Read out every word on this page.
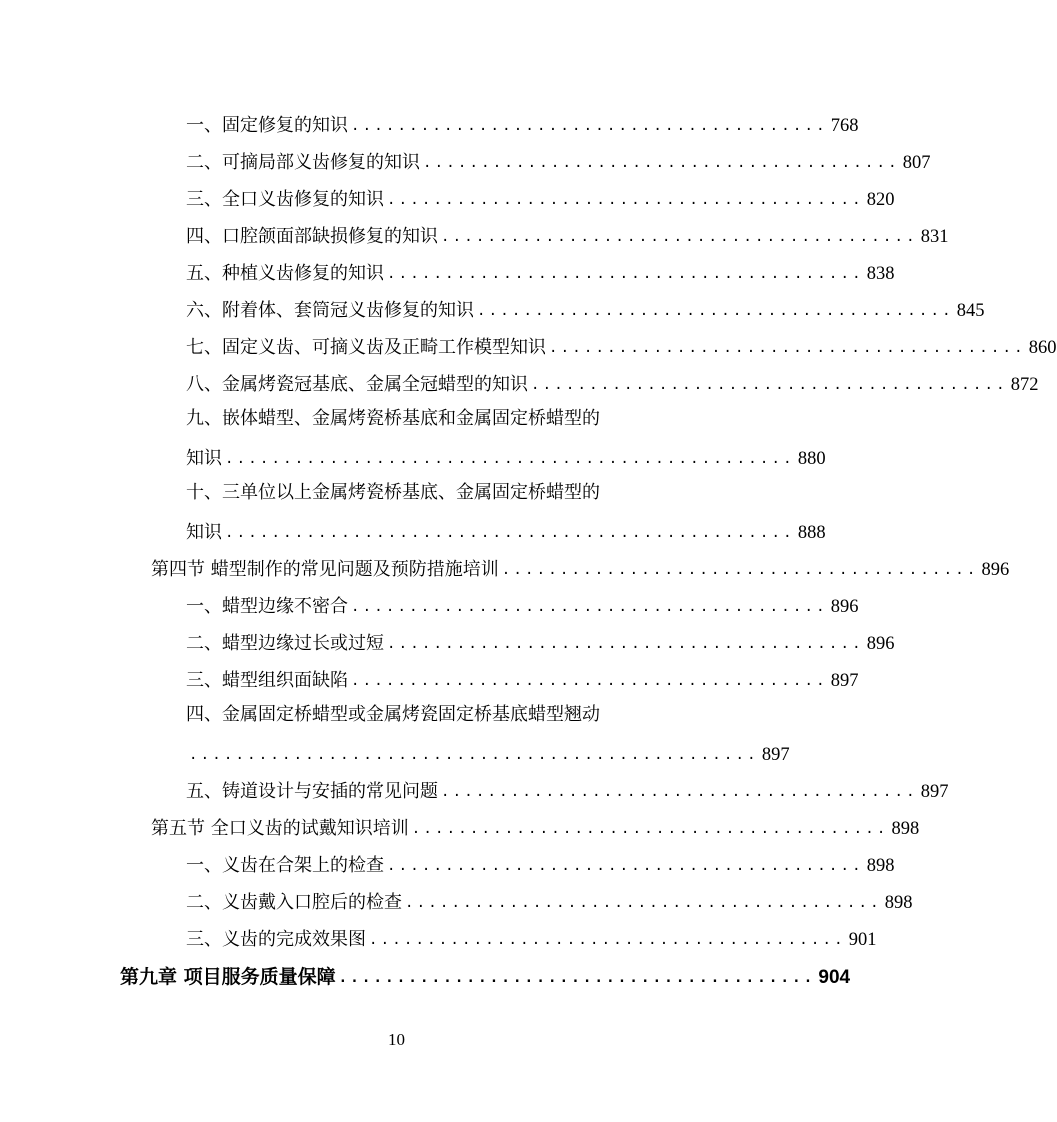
一、固定修复的知识 ......................................... 768
二、可摘局部义齿修复的知识 ......................................... 807
三、全口义齿修复的知识 ......................................... 820
四、口腔颌面部缺损修复的知识 ......................................... 831
五、种植义齿修复的知识 ......................................... 838
六、附着体、套筒冠义齿修复的知识 ......................................... 845
七、固定义齿、可摘义齿及正畸工作模型知识 ......................................... 860
八、金属烤瓷冠基底、金属全冠蜡型的知识 ......................................... 872
九、嵌体蜡型、金属烤瓷桥基底和金属固定桥蜡型的
知识 ................................................. 880
十、三单位以上金属烤瓷桥基底、金属固定桥蜡型的
知识 ................................................. 888
第四节 蜡型制作的常见问题及预防措施培训 ......................................... 896
一、蜡型边缘不密合 ......................................... 896
二、蜡型边缘过长或过短 ......................................... 896
三、蜡型组织面缺陷 ......................................... 897
四、金属固定桥蜡型或金属烤瓷固定桥基底蜡型翘动
................................................. 897
五、铸道设计与安插的常见问题 ......................................... 897
第五节 全口义齿的试戴知识培训 ......................................... 898
一、义齿在合架上的检查 ......................................... 898
二、义齿戴入口腔后的检查 ......................................... 898
三、义齿的完成效果图 ......................................... 901
第九章 项目服务质量保障 ......................................... 904
10
